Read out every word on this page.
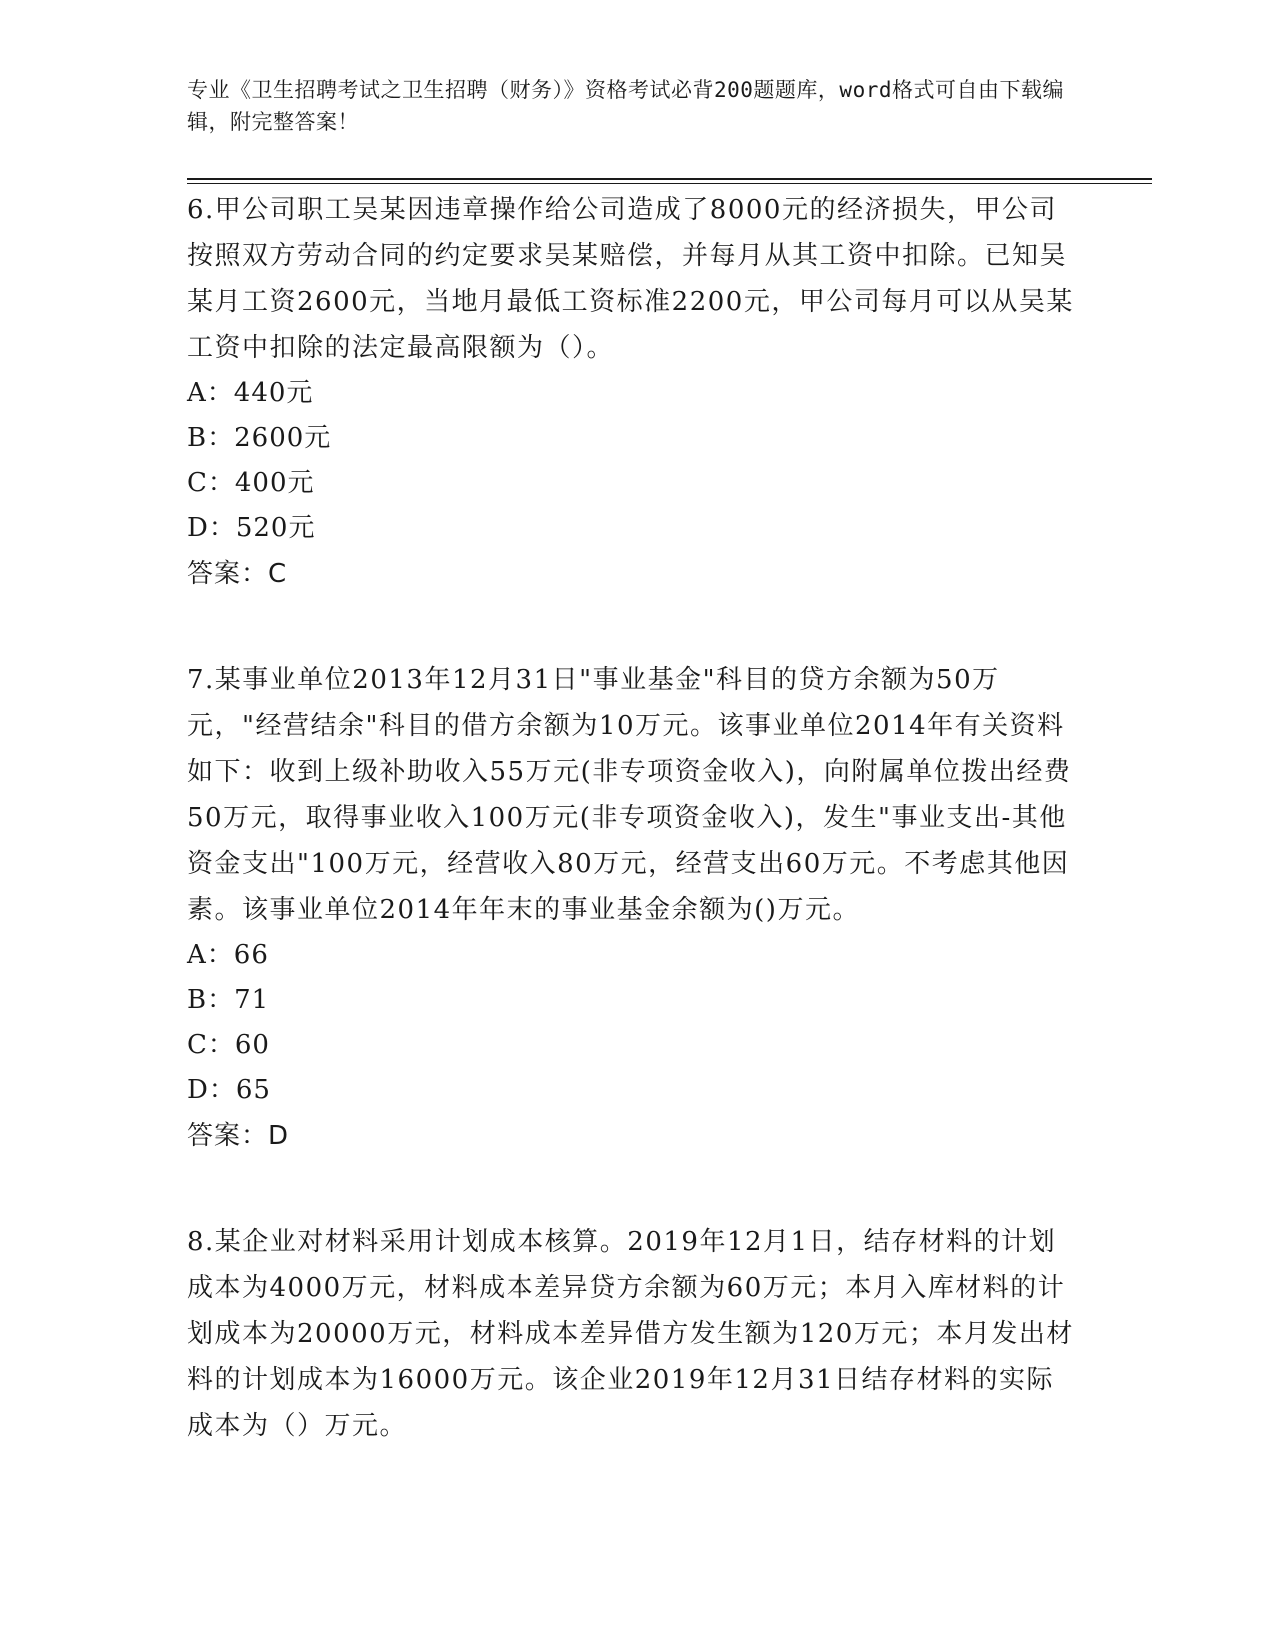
专业《卫生招聘考试之卫生招聘（财务）》资格考试必背200题题库，word格式可自由下载编辑，附完整答案！

6.甲公司职工吴某因违章操作给公司造成了8000元的经济损失，甲公司按照双方劳动合同的约定要求吴某赔偿，并每月从其工资中扣除。已知吴某月工资2600元，当地月最低工资标准2200元，甲公司每月可以从吴某工资中扣除的法定最高限额为（）。

A：440元
B：2600元
C：400元
D：520元

答案：C

7.某事业单位2013年12月31日"事业基金"科目的贷方余额为50万元，"经营结余"科目的借方余额为10万元。该事业单位2014年有关资料如下：收到上级补助收入55万元(非专项资金收入)，向附属单位拨出经费50万元，取得事业收入100万元(非专项资金收入)，发生"事业支出-其他资金支出"100万元，经营收入80万元，经营支出60万元。不考虑其他因素。该事业单位2014年年末的事业基金余额为()万元。

A：66
B：71
C：60
D：65

答案：D

8.某企业对材料采用计划成本核算。2019年12月1日，结存材料的计划成本为4000万元，材料成本差异贷方余额为60万元；本月入库材料的计划成本为20000万元，材料成本差异借方发生额为120万元；本月发出材料的计划成本为16000万元。该企业2019年12月31日结存材料的实际成本为（）万元。
